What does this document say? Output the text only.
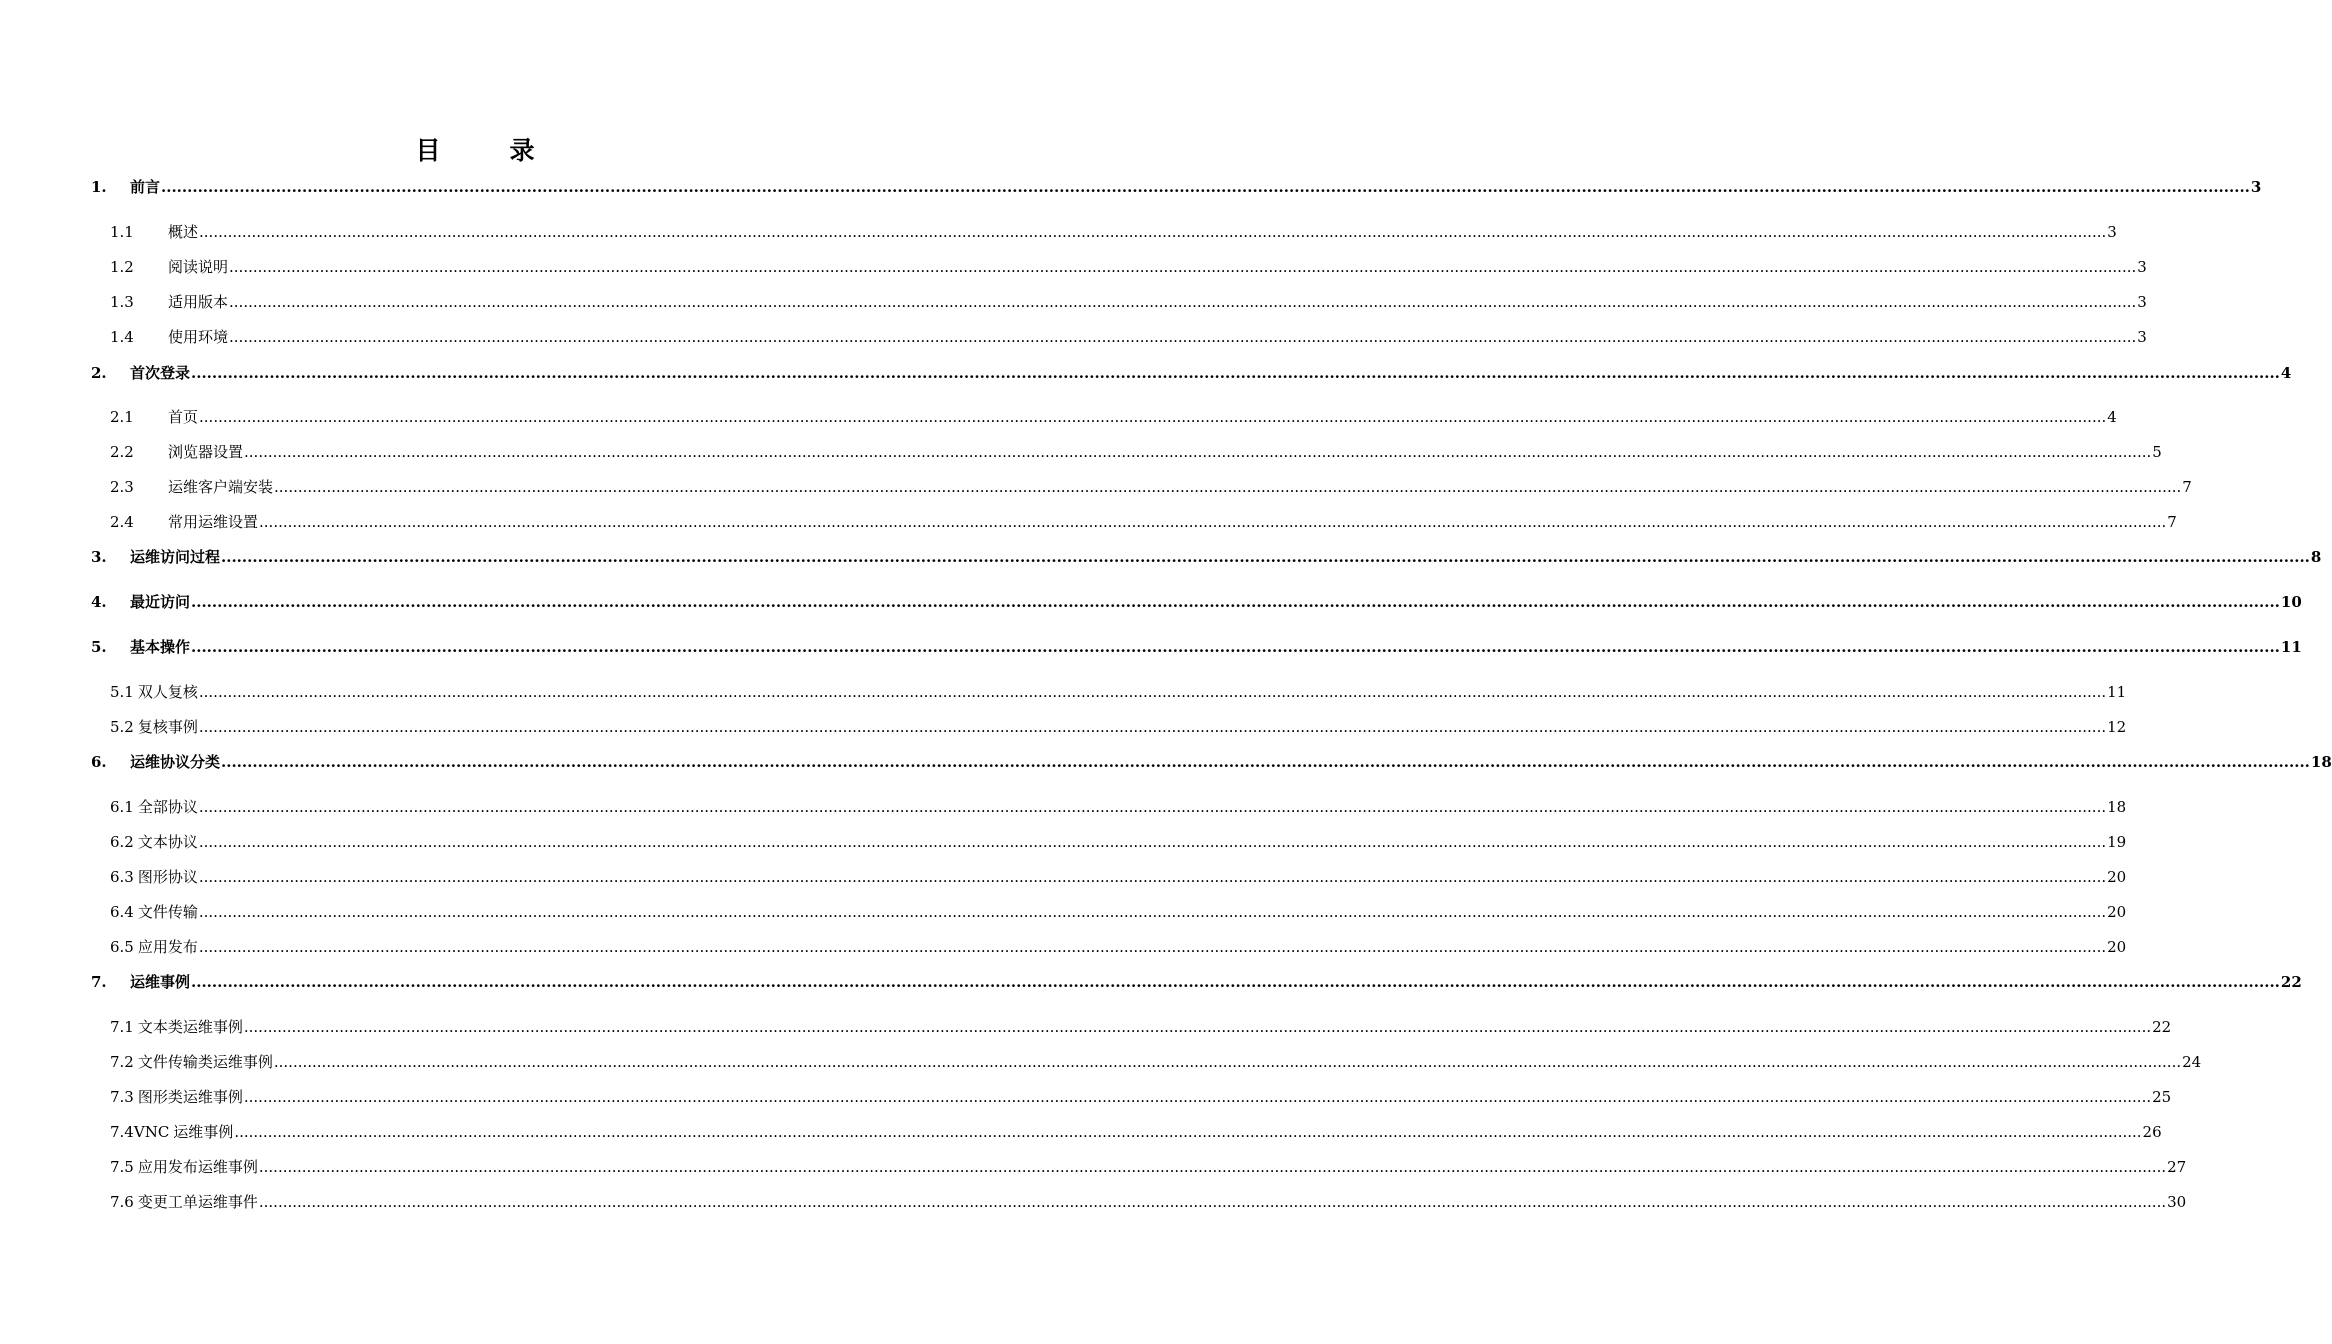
目　录
1.	前言 ................................................................................................................................................................................................................................................................................................................................................................................................................ 3
1.1	概述 ................................................................................................................................................................................................................................................................................................................................................................................................................ 3
1.2	阅读说明 ................................................................................................................................................................................................................................................................................................................................................................................................................ 3
1.3	适用版本 ................................................................................................................................................................................................................................................................................................................................................................................................................ 3
1.4	使用环境 ................................................................................................................................................................................................................................................................................................................................................................................................................ 3
2.	首次登录 ................................................................................................................................................................................................................................................................................................................................................................................................................ 4
2.1	首页 ................................................................................................................................................................................................................................................................................................................................................................................................................ 4
2.2	浏览器设置 ................................................................................................................................................................................................................................................................................................................................................................................................................ 5
2.3	运维客户端安装 ................................................................................................................................................................................................................................................................................................................................................................................................................ 7
2.4	常用运维设置 ................................................................................................................................................................................................................................................................................................................................................................................................................ 7
3.	运维访问过程 ................................................................................................................................................................................................................................................................................................................................................................................................................ 8
4.	最近访问 ................................................................................................................................................................................................................................................................................................................................................................................................................ 10
5.	基本操作 ................................................................................................................................................................................................................................................................................................................................................................................................................ 11
5.1 双人复核 ................................................................................................................................................................................................................................................................................................................................................................................................................ 11
5.2 复核事例 ................................................................................................................................................................................................................................................................................................................................................................................................................ 12
6.	运维协议分类 ................................................................................................................................................................................................................................................................................................................................................................................................................ 18
6.1 全部协议 ................................................................................................................................................................................................................................................................................................................................................................................................................ 18
6.2 文本协议 ................................................................................................................................................................................................................................................................................................................................................................................................................ 19
6.3 图形协议 ................................................................................................................................................................................................................................................................................................................................................................................................................ 20
6.4 文件传输 ................................................................................................................................................................................................................................................................................................................................................................................................................ 20
6.5 应用发布 ................................................................................................................................................................................................................................................................................................................................................................................................................ 20
7.	运维事例 ................................................................................................................................................................................................................................................................................................................................................................................................................ 22
7.1 文本类运维事例 ................................................................................................................................................................................................................................................................................................................................................................................................................ 22
7.2 文件传输类运维事例 ................................................................................................................................................................................................................................................................................................................................................................................................................ 24
7.3 图形类运维事例 ................................................................................................................................................................................................................................................................................................................................................................................................................ 25
7.4VNC 运维事例 ................................................................................................................................................................................................................................................................................................................................................................................................................ 26
7.5 应用发布运维事例 ................................................................................................................................................................................................................................................................................................................................................................................................................ 27
7.6 变更工单运维事件 ................................................................................................................................................................................................................................................................................................................................................................................................................ 30
